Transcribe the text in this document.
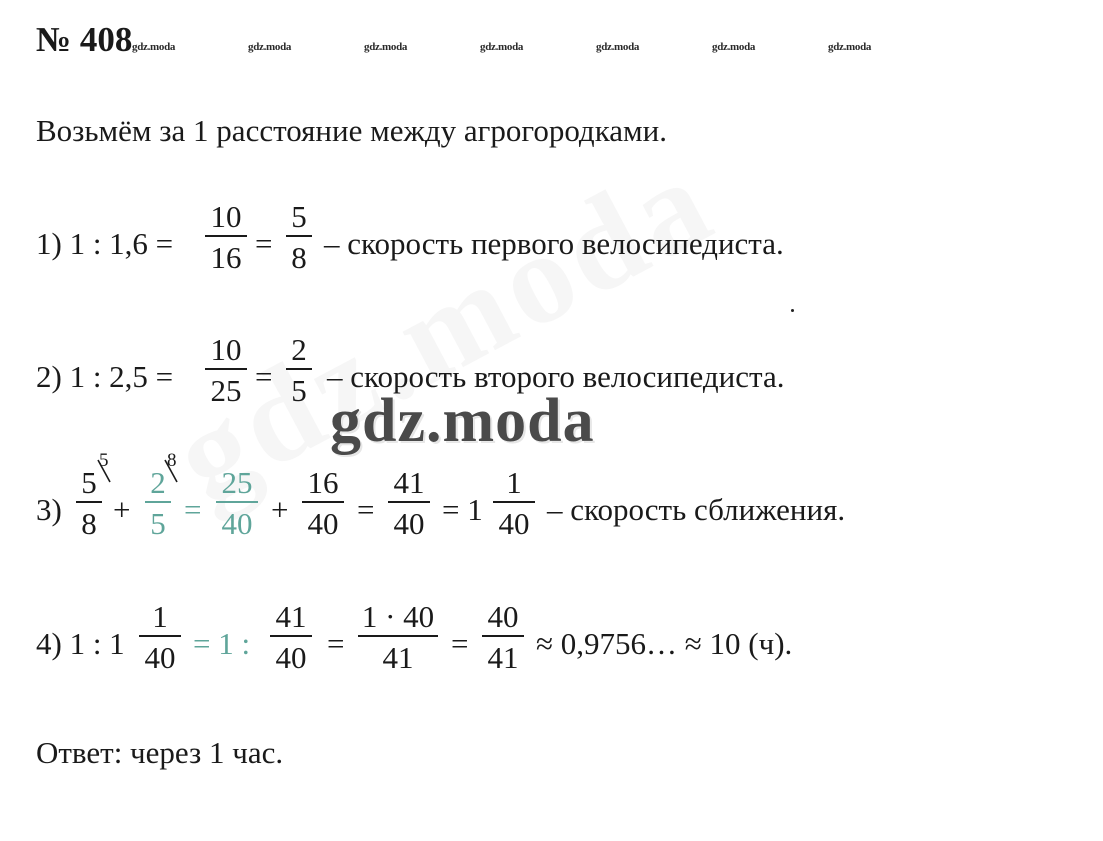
№ 408 gdz.moda	gdz.moda	gdz.moda	gdz.moda	gdz.moda	gdz.moda	gdz.moda
Возьмём за 1 расстояние между агрогородками.
1) 1 : 1,6 =
10
16 =
5
8 – скорость первого велосипедиста.
2) 1 : 2,5 =
10
25 =
2
5 – скорость второго велосипедиста.
gdz.moda
3)
5
8
5
+
2
5
8
=
25
40 +
16
40 =
41
40 = 1
1
40 – скорость сближения.
4) 1 : 1
1
40 = 1 :
41
40 =
1 · 40
41	=
40
41 ≈ 0,9756… ≈ 10 (ч).
Ответ: через 1 час.
